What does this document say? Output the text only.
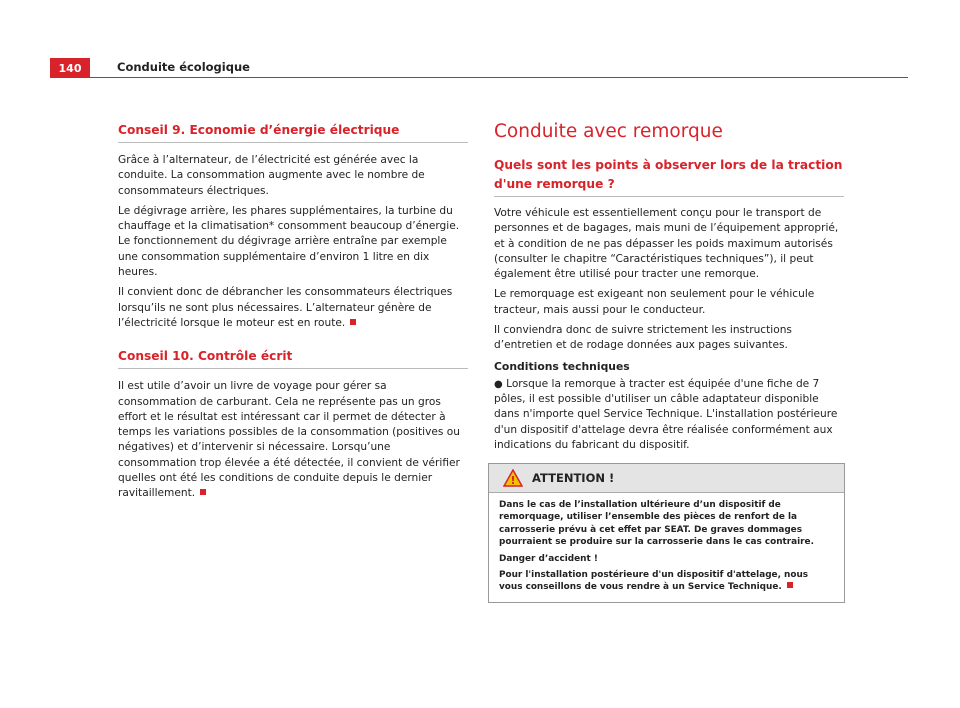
140	Conduite écologique
Conseil 9. Economie d’énergie électrique

Grâce à l’alternateur, de l’électricité est générée avec la conduite. La consommation augmente avec le nombre de consommateurs électriques.

Le dégivrage arrière, les phares supplémentaires, la turbine du chauffage et la climatisation* consomment beaucoup d’énergie. Le fonctionnement du dégivrage arrière entraîne par exemple une consommation supplémentaire d’environ 1 litre en dix heures.

Il convient donc de débrancher les consommateurs électriques lorsqu’ils ne sont plus nécessaires. L’alternateur génère de l’électricité lorsque le moteur est en route.

Conseil 10. Contrôle écrit

Il est utile d’avoir un livre de voyage pour gérer sa consommation de carburant. Cela ne représente pas un gros effort et le résultat est intéressant car il permet de détecter à temps les variations possibles de la consommation (positives ou négatives) et d’intervenir si nécessaire. Lorsqu’une consommation trop élevée a été détectée, il convient de vérifier quelles ont été les conditions de conduite depuis le dernier ravitaillement.

Conduite avec remorque
Quels sont les points à observer lors de la traction d'une remorque ?

Votre véhicule est essentiellement conçu pour le transport de personnes et de bagages, mais muni de l’équipement approprié, et à condition de ne pas dépasser les poids maximum autorisés (consulter le chapitre “Caractéristiques techniques”), il peut également être utilisé pour tracter une remorque.

Le remorquage est exigeant non seulement pour le véhicule tracteur, mais aussi pour le conducteur.

Il conviendra donc de suivre strictement les instructions d’entretien et de rodage données aux pages suivantes.

Conditions techniques

● Lorsque la remorque à tracter est équipée d'une fiche de 7 pôles, il est possible d'utiliser un câble adaptateur disponible dans n'importe quel Service Technique. L'installation postérieure d'un dispositif d'attelage devra être réalisée conformément aux indications du fabricant du dispositif.

! ATTENTION !

Dans le cas de l’installation ultérieure d’un dispositif de remorquage, utiliser l’ensemble des pièces de renfort de la carrosserie prévu à cet effet par SEAT. De graves dommages pourraient se produire sur la carrosserie dans le cas contraire.

Danger d’accident !

Pour l'installation postérieure d'un dispositif d'attelage, nous vous conseillons de vous rendre à un Service Technique.
